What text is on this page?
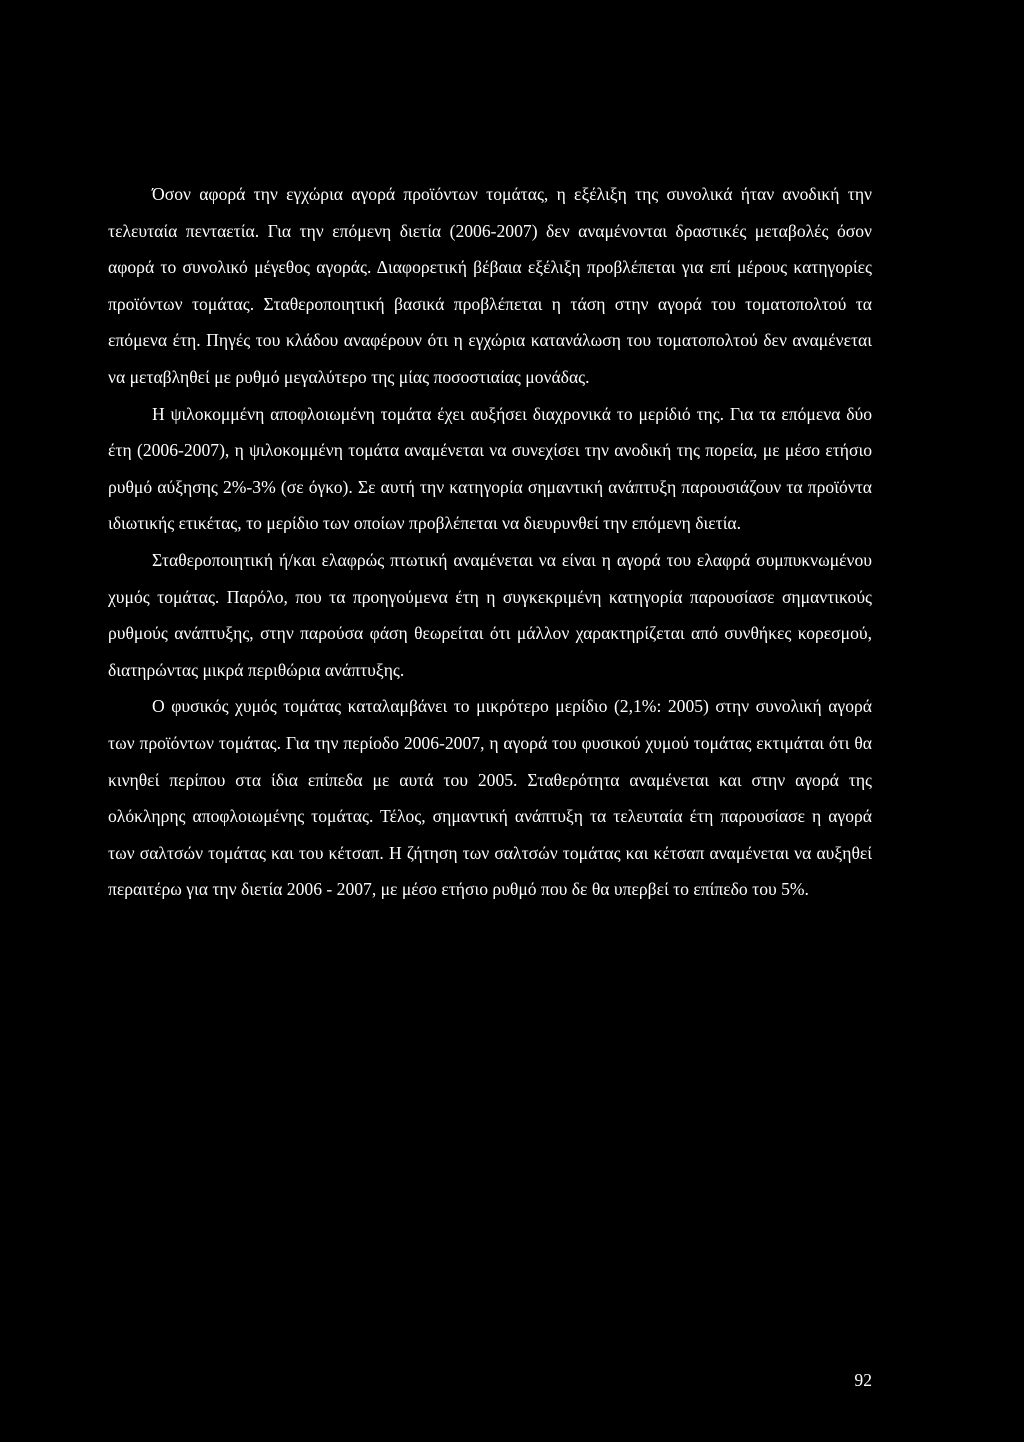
Όσον αφορά την εγχώρια αγορά προϊόντων τομάτας, η εξέλιξη της συνολικά ήταν ανοδική την τελευταία πενταετία. Για την επόμενη διετία (2006-2007) δεν αναμένονται δραστικές μεταβολές όσον αφορά το συνολικό μέγεθος αγοράς. Διαφορετική βέβαια εξέλιξη προβλέπεται για επί μέρους κατηγορίες προϊόντων τομάτας. Σταθεροποιητική βασικά προβλέπεται η τάση στην αγορά του τοματοπολτού τα επόμενα έτη. Πηγές του κλάδου αναφέρουν ότι η εγχώρια κατανάλωση του τοματοπολτού δεν αναμένεται να μεταβληθεί με ρυθμό μεγαλύτερο της μίας ποσοστιαίας μονάδας.

Η ψιλοκομμένη αποφλοιωμένη τομάτα έχει αυξήσει διαχρονικά το μερίδιό της. Για τα επόμενα δύο έτη (2006-2007), η ψιλοκομμένη τομάτα αναμένεται να συνεχίσει την ανοδική της πορεία, με μέσο ετήσιο ρυθμό αύξησης 2%-3% (σε όγκο). Σε αυτή την κατηγορία σημαντική ανάπτυξη παρουσιάζουν τα προϊόντα ιδιωτικής ετικέτας, το μερίδιο των οποίων προβλέπεται να διευρυνθεί την επόμενη διετία.

Σταθεροποιητική ή/και ελαφρώς πτωτική αναμένεται να είναι η αγορά του ελαφρά συμπυκνωμένου χυμός τομάτας. Παρόλο, που τα προηγούμενα έτη η συγκεκριμένη κατηγορία παρουσίασε σημαντικούς ρυθμούς ανάπτυξης, στην παρούσα φάση θεωρείται ότι μάλλον χαρακτηρίζεται από συνθήκες κορεσμού, διατηρώντας μικρά περιθώρια ανάπτυξης.

Ο φυσικός χυμός τομάτας καταλαμβάνει το μικρότερο μερίδιο (2,1%: 2005) στην συνολική αγορά των προϊόντων τομάτας. Για την περίοδο 2006-2007, η αγορά του φυσικού χυμού τομάτας εκτιμάται ότι θα κινηθεί περίπου στα ίδια επίπεδα με αυτά του 2005. Σταθερότητα αναμένεται και στην αγορά της ολόκληρης αποφλοιωμένης τομάτας. Τέλος, σημαντική ανάπτυξη τα τελευταία έτη παρουσίασε η αγορά των σαλτσών τομάτας και του κέτσαπ. Η ζήτηση των σαλτσών τομάτας και κέτσαπ αναμένεται να αυξηθεί περαιτέρω για την διετία 2006 - 2007, με μέσο ετήσιο ρυθμό που δε θα υπερβεί το επίπεδο του 5%.

92
